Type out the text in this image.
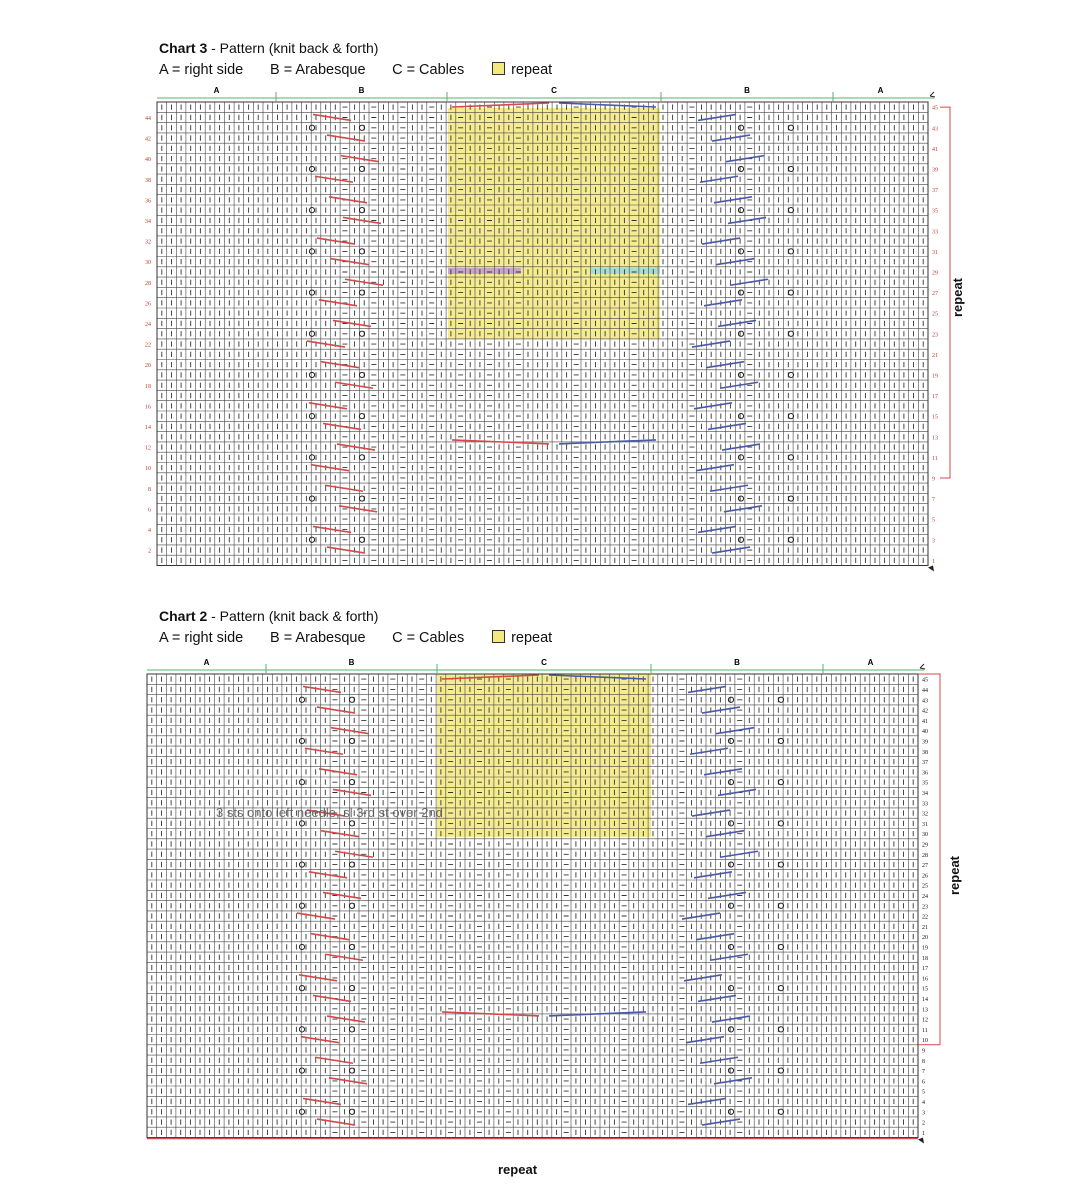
Chart 3 - Pattern (knit back & forth)
A = right side B = Arabesque C = Cables	repeat
A	B	C	B	A
45
43
41
39
37
35
33
31
29
27
25
23
21
19
17
15
13
11
9
7
5
3
1
44
42
40
38
36
34
32
30
28
26
24
22
20
18
16
14
12
10
8
6
4
2
repeat
Chart 2 - Pattern (knit back & forth)
A = right side B = Arabesque C = Cables	repeat
A	B	C	B	A
45
44
43
42
41
40
39
38
37
36
35
34
33
32
31
30
29
28
27
26
25
24
23
22
21
20
19
18
17
16
15
14
13
12
11
10
9
8
7
6
5
4
3
2
1
repeat
repeat
3 sts onto left needle, sl 3rd st over 2nd
